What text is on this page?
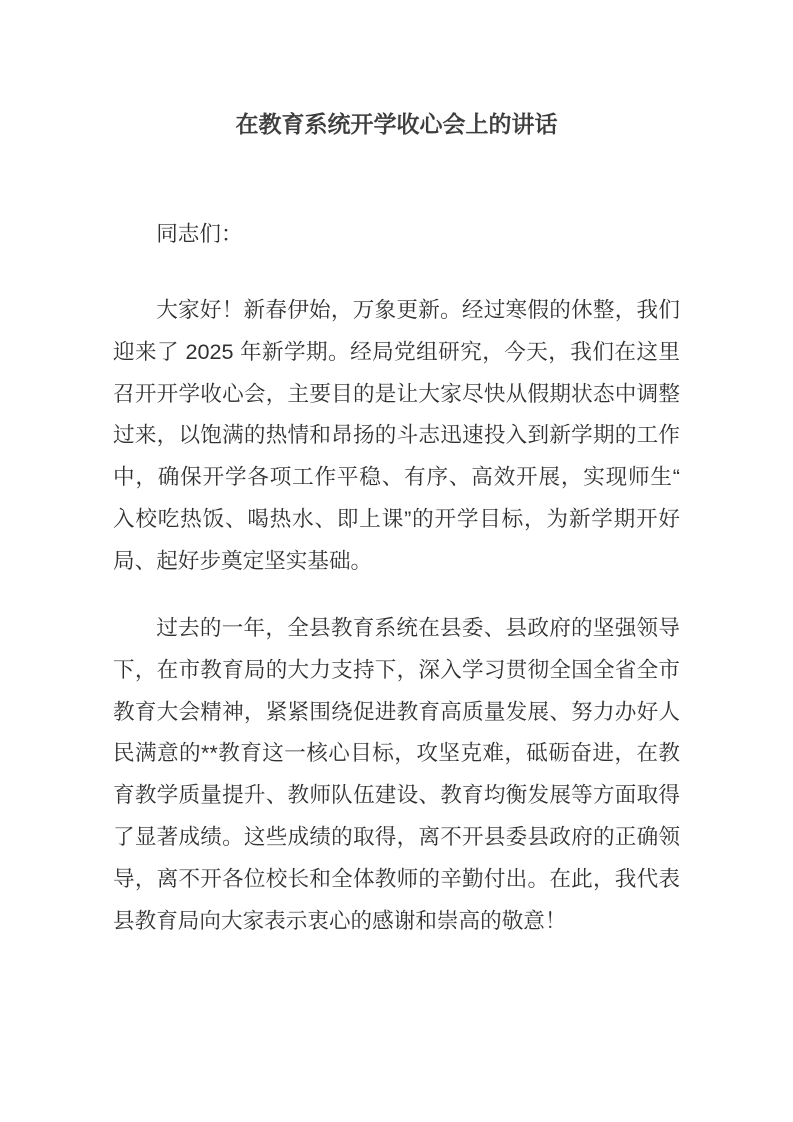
在教育系统开学收心会上的讲话

同志们：

大家好！新春伊始，万象更新。经过寒假的休整，我们迎来了 2025 年新学期。经局党组研究，今天，我们在这里召开开学收心会，主要目的是让大家尽快从假期状态中调整过来，以饱满的热情和昂扬的斗志迅速投入到新学期的工作中，确保开学各项工作平稳、有序、高效开展，实现师生“入校吃热饭、喝热水、即上课”的开学目标，为新学期开好局、起好步奠定坚实基础。

过去的一年，全县教育系统在县委、县政府的坚强领导下，在市教育局的大力支持下，深入学习贯彻全国全省全市教育大会精神，紧紧围绕促进教育高质量发展、努力办好人民满意的**教育这一核心目标，攻坚克难，砥砺奋进，在教育教学质量提升、教师队伍建设、教育均衡发展等方面取得了显著成绩。这些成绩的取得，离不开县委县政府的正确领导，离不开各位校长和全体教师的辛勤付出。在此，我代表县教育局向大家表示衷心的感谢和崇高的敬意！
